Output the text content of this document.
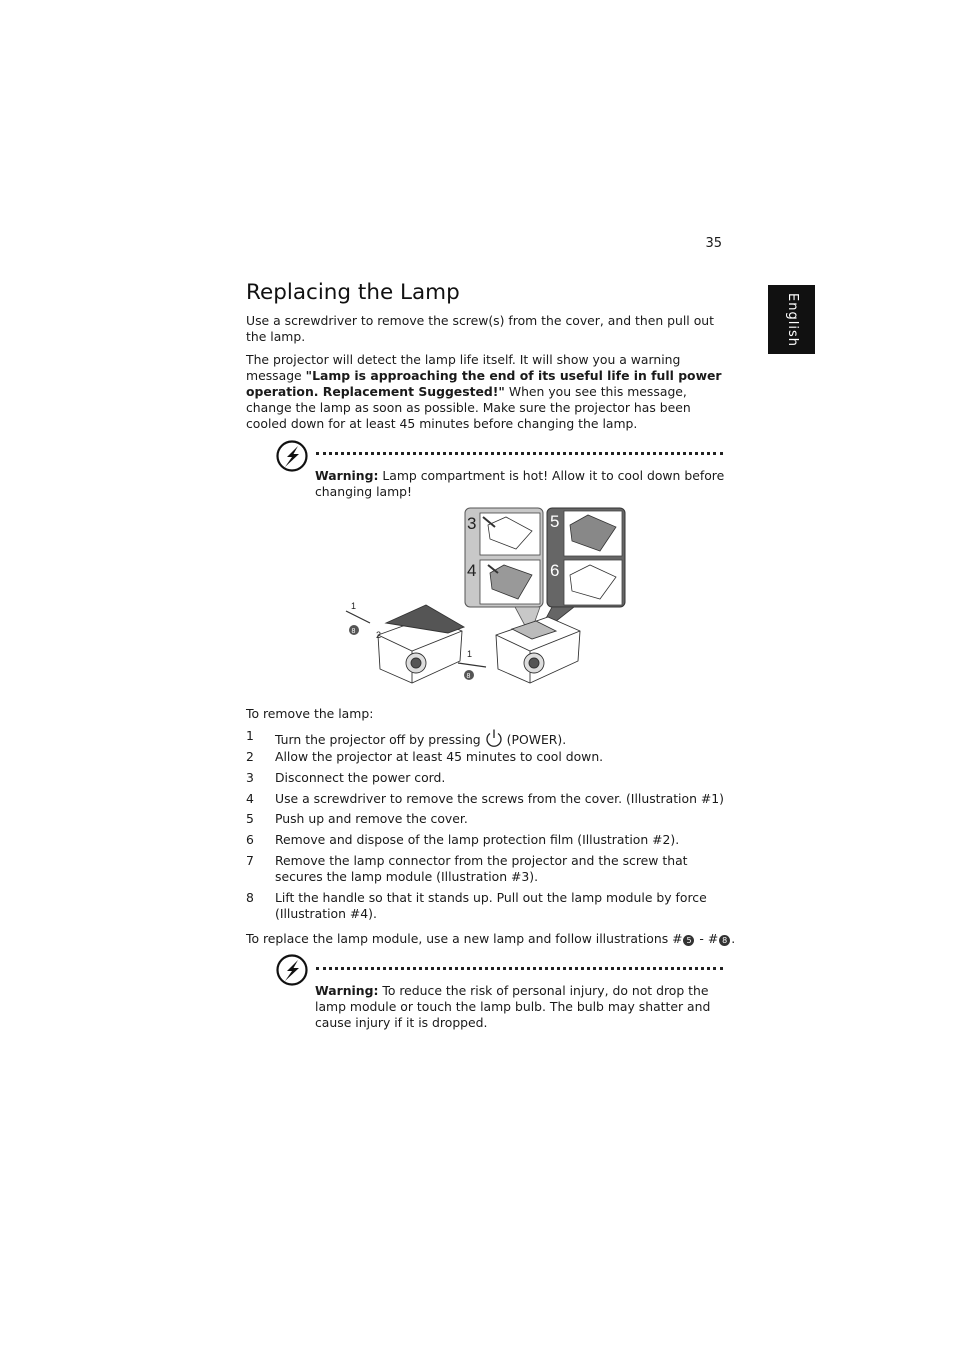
35
English
Replacing the Lamp

Use a screwdriver to remove the screw(s) from the cover, and then pull out the lamp.

The projector will detect the lamp life itself. It will show you a warning message "Lamp is approaching the end of its useful life in full power operation. Replacement Suggested!" When you see this message, change the lamp as soon as possible. Make sure the projector has been cooled down for at least 45 minutes before changing the lamp.

Warning: Lamp compartment is hot! Allow it to cool down before changing lamp!

3
4
5
6
1
8 2
1
8

To remove the lamp:

1	Turn the projector off by pressing (POWER).

2	Allow the projector at least 45 minutes to cool down.

3	Disconnect the power cord.

4	Use a screwdriver to remove the screws from the cover. (Illustration #1)

5	Push up and remove the cover.

6	Remove and dispose of the lamp protection film (Illustration #2).

7	Remove the lamp connector from the projector and the screw that secures the lamp module (Illustration #3).

8	Lift the handle so that it stands up. Pull out the lamp module by force (Illustration #4).

To replace the lamp module, use a new lamp and follow illustrations # 5 - # 8 .

Warning: To reduce the risk of personal injury, do not drop the lamp module or touch the lamp bulb. The bulb may shatter and cause injury if it is dropped.
